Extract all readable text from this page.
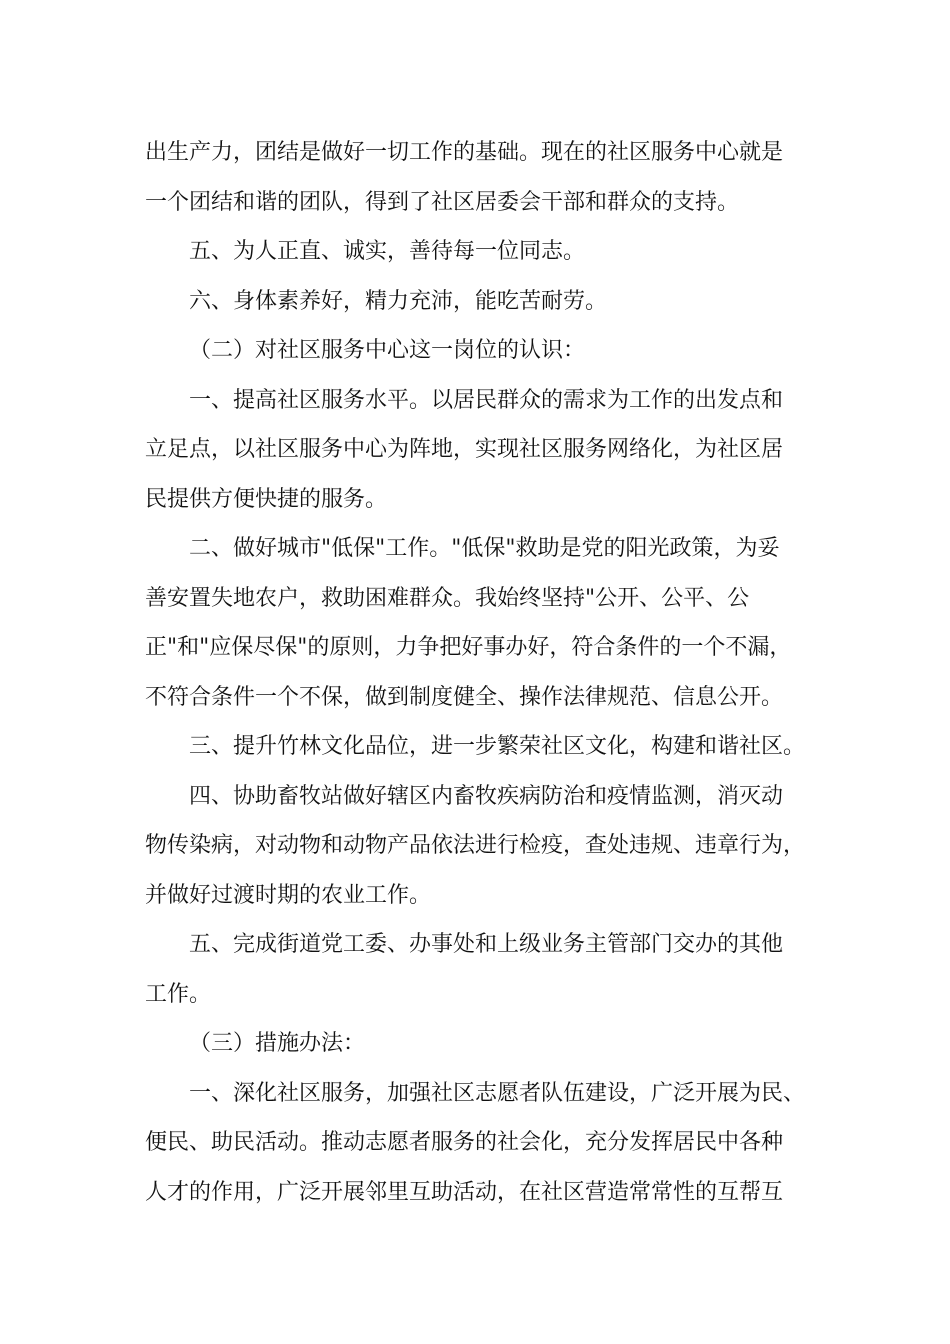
出生产力，团结是做好一切工作的基础。现在的社区服务中心就是
一个团结和谐的团队，得到了社区居委会干部和群众的支持。
五、为人正直、诚实，善待每一位同志。
六、身体素养好，精力充沛，能吃苦耐劳。
（二）对社区服务中心这一岗位的认识：
一、提高社区服务水平。以居民群众的需求为工作的出发点和
立足点，以社区服务中心为阵地，实现社区服务网络化，为社区居
民提供方便快捷的服务。
二、做好城市"低保"工作。"低保"救助是党的阳光政策，为妥
善安置失地农户，救助困难群众。我始终坚持"公开、公平、公
正"和"应保尽保"的原则，力争把好事办好，符合条件的一个不漏，
不符合条件一个不保，做到制度健全、操作法律规范、信息公开。
三、提升竹林文化品位，进一步繁荣社区文化，构建和谐社区。
四、协助畜牧站做好辖区内畜牧疾病防治和疫情监测，消灭动
物传染病，对动物和动物产品依法进行检疫，查处违规、违章行为，
并做好过渡时期的农业工作。
五、完成街道党工委、办事处和上级业务主管部门交办的其他
工作。
（三）措施办法：
一、深化社区服务，加强社区志愿者队伍建设，广泛开展为民、
便民、助民活动。推动志愿者服务的社会化，充分发挥居民中各种
人才的作用，广泛开展邻里互助活动，在社区营造常常性的互帮互
